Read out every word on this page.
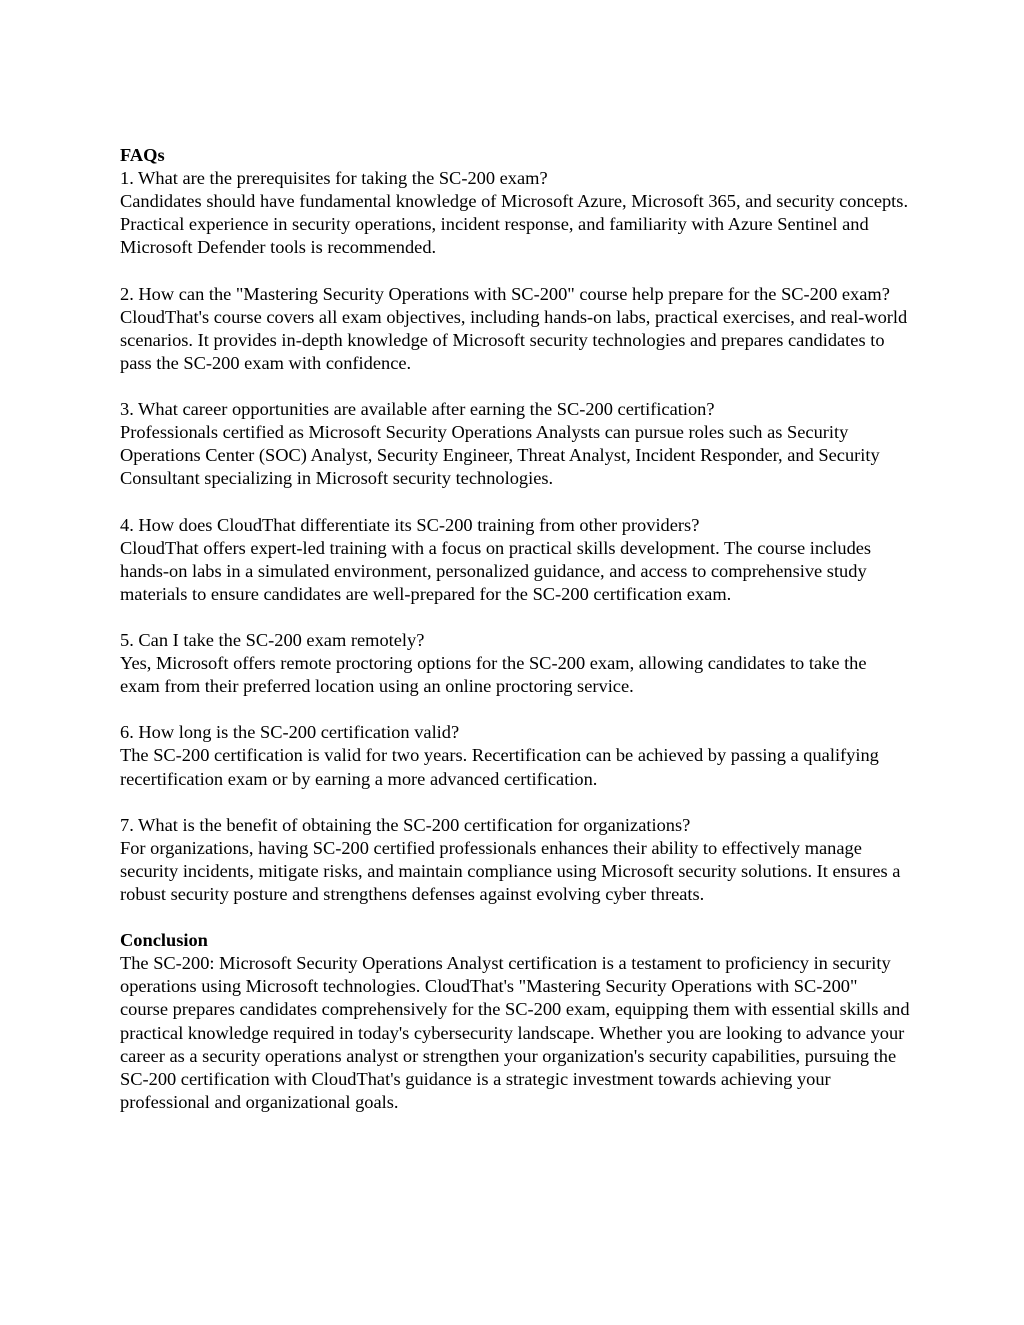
FAQs

1. What are the prerequisites for taking the SC-200 exam?

Candidates should have fundamental knowledge of Microsoft Azure, Microsoft 365, and security concepts. Practical experience in security operations, incident response, and familiarity with Azure Sentinel and Microsoft Defender tools is recommended.

2. How can the "Mastering Security Operations with SC-200" course help prepare for the SC-200 exam?

CloudThat's course covers all exam objectives, including hands-on labs, practical exercises, and real-world scenarios. It provides in-depth knowledge of Microsoft security technologies and prepares candidates to pass the SC-200 exam with confidence.

3. What career opportunities are available after earning the SC-200 certification?

Professionals certified as Microsoft Security Operations Analysts can pursue roles such as Security Operations Center (SOC) Analyst, Security Engineer, Threat Analyst, Incident Responder, and Security Consultant specializing in Microsoft security technologies.

4. How does CloudThat differentiate its SC-200 training from other providers?

CloudThat offers expert-led training with a focus on practical skills development. The course includes hands-on labs in a simulated environment, personalized guidance, and access to comprehensive study materials to ensure candidates are well-prepared for the SC-200 certification exam.

5. Can I take the SC-200 exam remotely?

Yes, Microsoft offers remote proctoring options for the SC-200 exam, allowing candidates to take the exam from their preferred location using an online proctoring service.

6. How long is the SC-200 certification valid?

The SC-200 certification is valid for two years. Recertification can be achieved by passing a qualifying recertification exam or by earning a more advanced certification.

7. What is the benefit of obtaining the SC-200 certification for organizations?

For organizations, having SC-200 certified professionals enhances their ability to effectively manage security incidents, mitigate risks, and maintain compliance using Microsoft security solutions. It ensures a robust security posture and strengthens defenses against evolving cyber threats.

Conclusion

The SC-200: Microsoft Security Operations Analyst certification is a testament to proficiency in security operations using Microsoft technologies. CloudThat's "Mastering Security Operations with SC-200" course prepares candidates comprehensively for the SC-200 exam, equipping them with essential skills and practical knowledge required in today's cybersecurity landscape. Whether you are looking to advance your career as a security operations analyst or strengthen your organization's security capabilities, pursuing the SC-200 certification with CloudThat's guidance is a strategic investment towards achieving your professional and organizational goals.
